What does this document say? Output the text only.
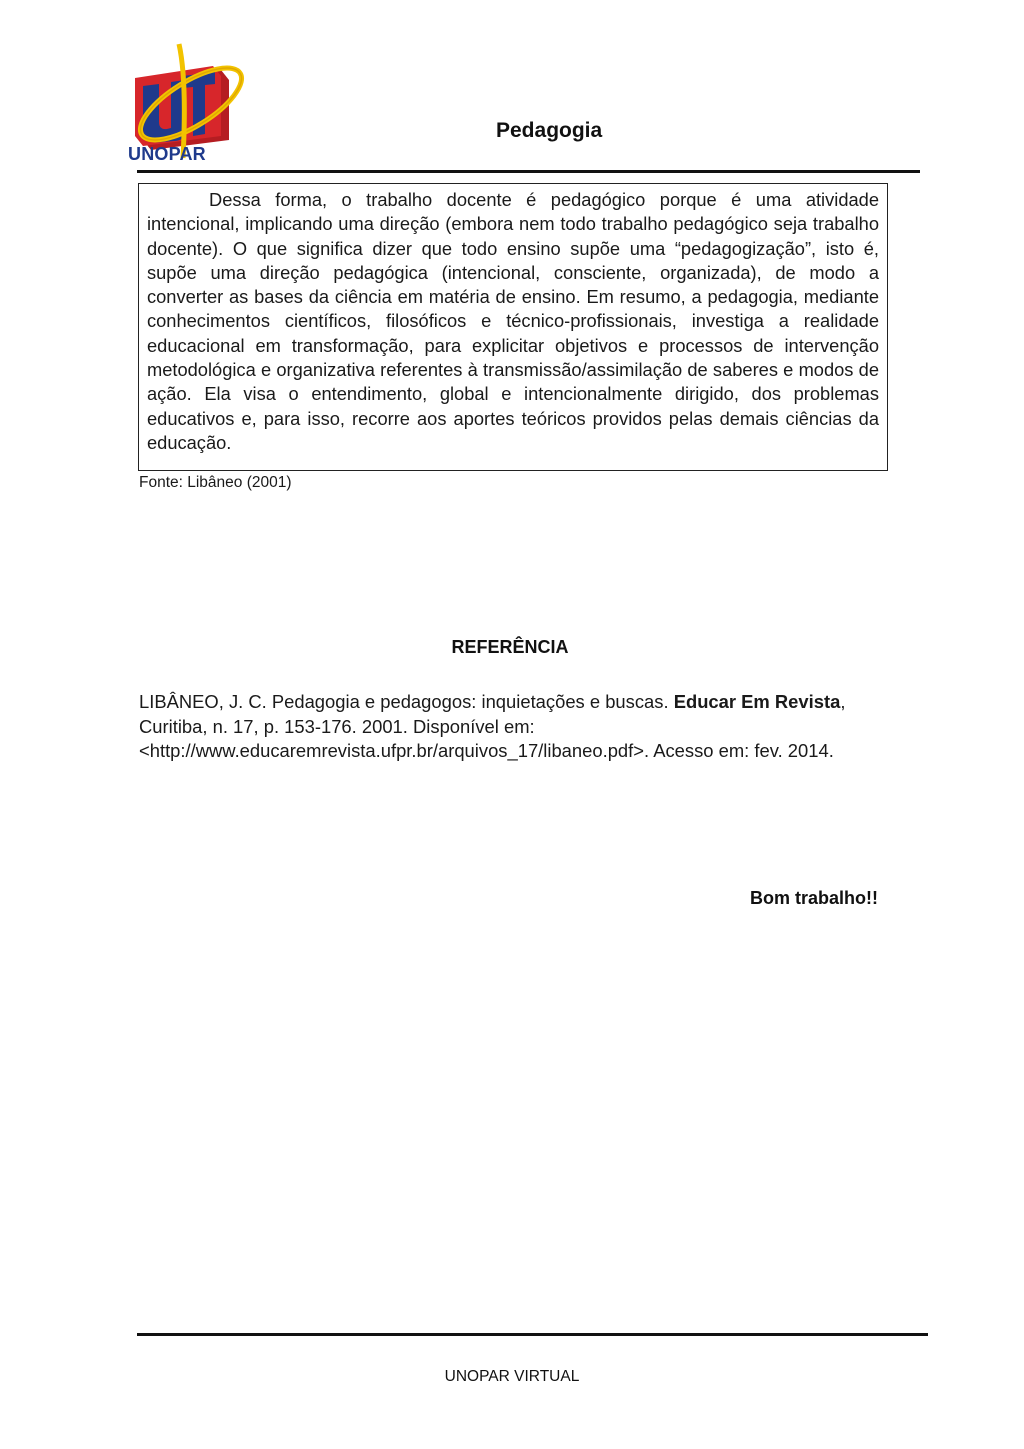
UNOPAR
Pedagogia

Dessa forma, o trabalho docente é pedagógico porque é uma atividade intencional, implicando uma direção (embora nem todo trabalho pedagógico seja trabalho docente). O que significa dizer que todo ensino supõe uma “pedagogização”, isto é, supõe uma direção pedagógica (intencional, consciente, organizada), de modo a converter as bases da ciência em matéria de ensino. Em resumo, a pedagogia, mediante conhecimentos científicos, filosóficos e técnico-profissionais, investiga a realidade educacional em transformação, para explicitar objetivos e processos de intervenção metodológica e organizativa referentes à transmissão/assimilação de saberes e modos de ação. Ela visa o entendimento, global e intencionalmente dirigido, dos problemas educativos e, para isso, recorre aos aportes teóricos providos pelas demais ciências da educação.

Fonte: Libâneo (2001)
REFERÊNCIA

LIBÂNEO, J. C. Pedagogia e pedagogos: inquietações e buscas. Educar Em Revista, Curitiba, n. 17, p. 153-176. 2001. Disponível em: <http://www.educaremrevista.ufpr.br/arquivos_17/libaneo.pdf>. Acesso em: fev. 2014.

Bom trabalho!!
UNOPAR VIRTUAL
